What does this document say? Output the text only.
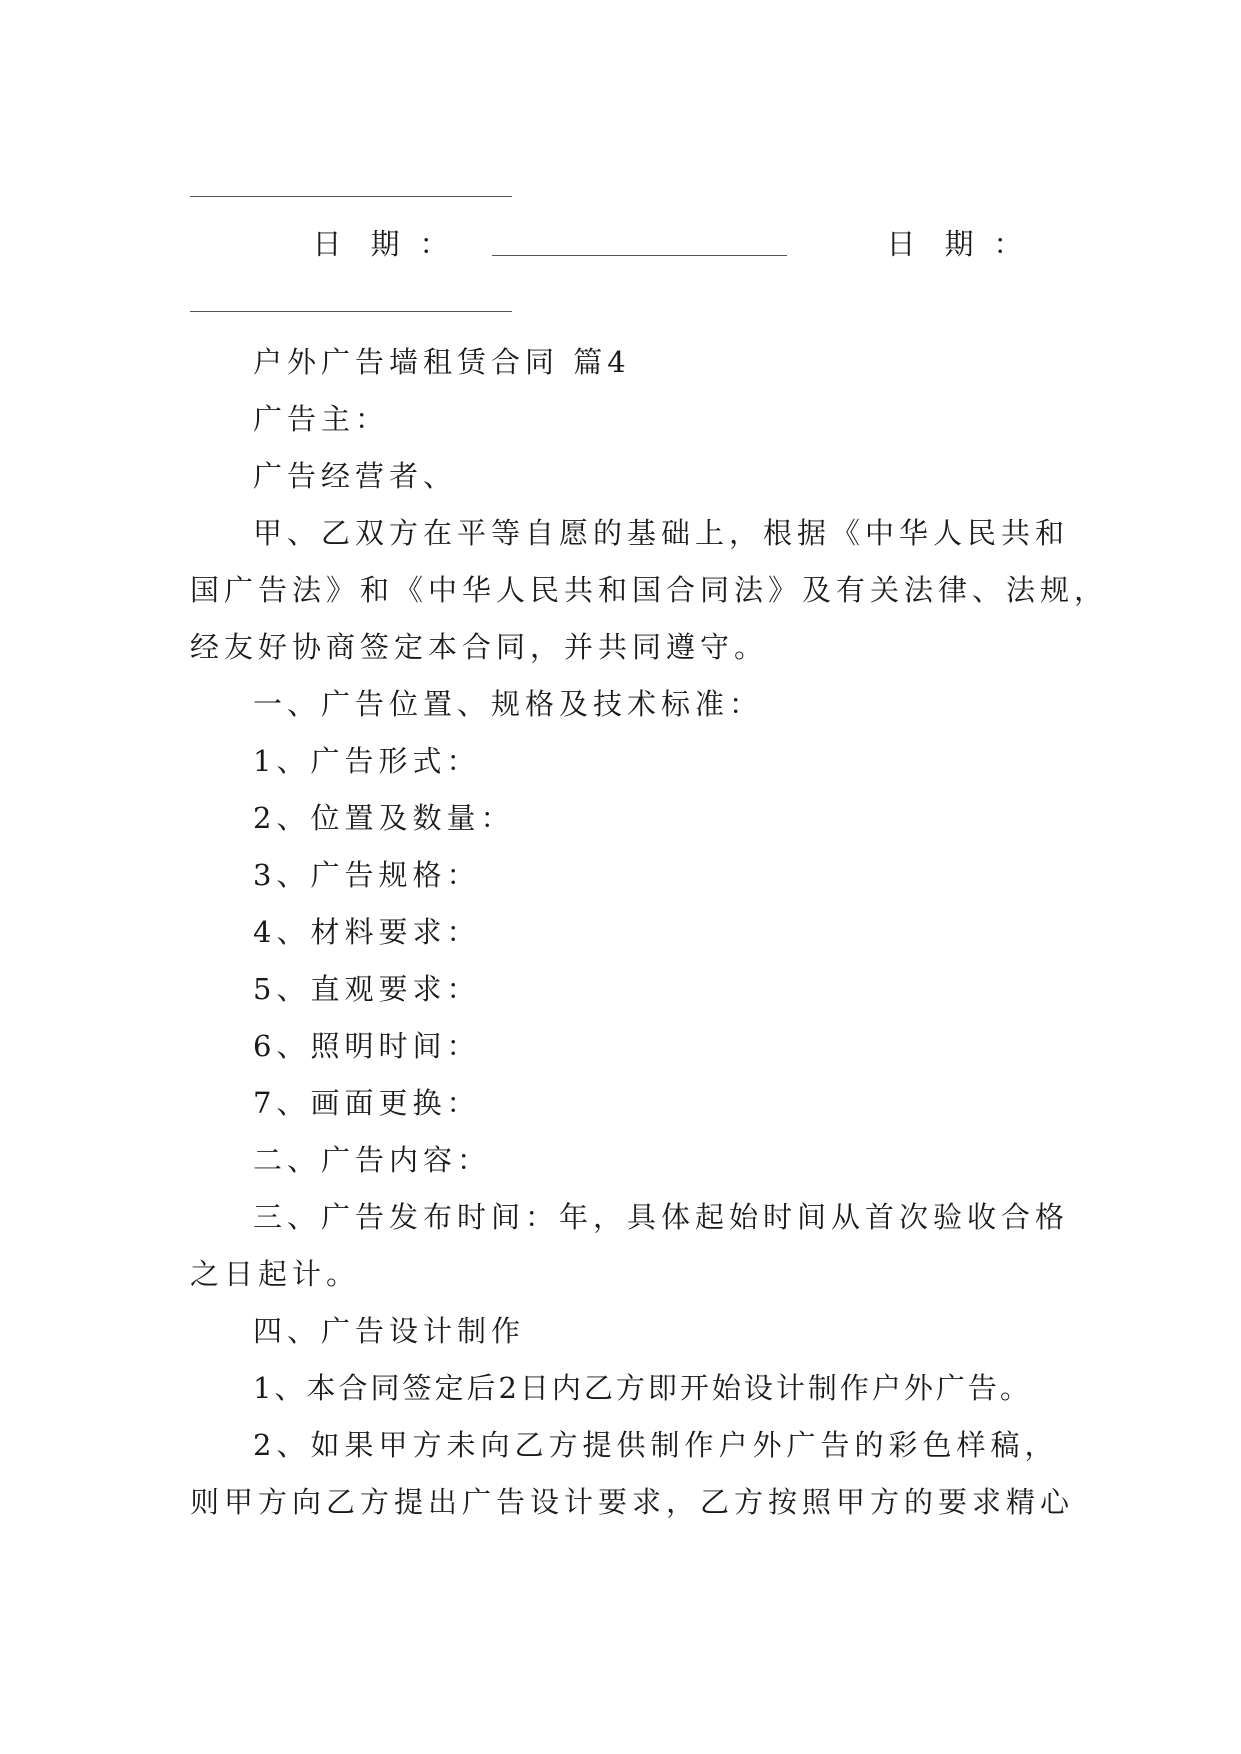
日 期 ：	日 期 ：
户外广告墙租赁合同 篇4
广告主：
广告经营者、
甲、乙双方在平等自愿的基础上，根据《中华人民共和
国广告法》和《中华人民共和国合同法》及有关法律、法规，
经友好协商签定本合同，并共同遵守。
一、广告位置、规格及技术标准：
1、广告形式：
2、位置及数量：
3、广告规格：
4、材料要求：
5、直观要求：
6、照明时间：
7、画面更换：
二、广告内容：
三、广告发布时间：年，具体起始时间从首次验收合格
之日起计。
四、广告设计制作
1、本合同签定后2日内乙方即开始设计制作户外广告。
2、如果甲方未向乙方提供制作户外广告的彩色样稿，
则甲方向乙方提出广告设计要求，乙方按照甲方的要求精心
